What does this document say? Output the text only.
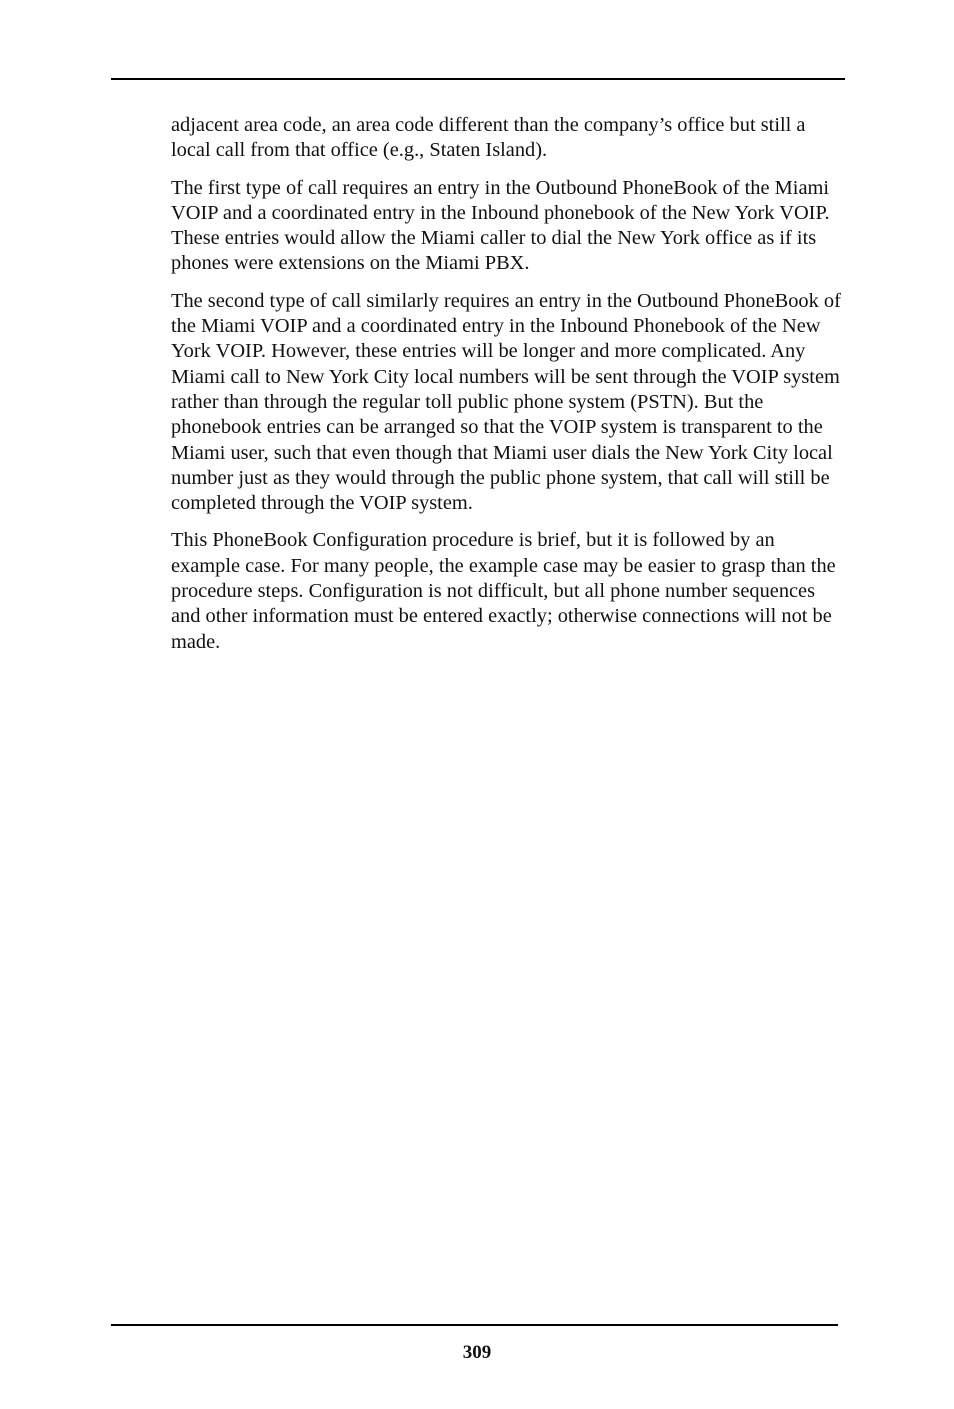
adjacent area code, an area code different than the company’s office but still a local call from that office (e.g., Staten Island).

The first type of call requires an entry in the Outbound PhoneBook of the Miami VOIP and a coordinated entry in the Inbound phonebook of the New York VOIP. These entries would allow the Miami caller to dial the New York office as if its phones were extensions on the Miami PBX.

The second type of call similarly requires an entry in the Outbound PhoneBook of the Miami VOIP and a coordinated entry in the Inbound Phonebook of the New York VOIP. However, these entries will be longer and more complicated. Any Miami call to New York City local numbers will be sent through the VOIP system rather than through the regular toll public phone system (PSTN). But the phonebook entries can be arranged so that the VOIP system is transparent to the Miami user, such that even though that Miami user dials the New York City local number just as they would through the public phone system, that call will still be completed through the VOIP system.

This PhoneBook Configuration procedure is brief, but it is followed by an example case. For many people, the example case may be easier to grasp than the procedure steps. Configuration is not difficult, but all phone number sequences and other information must be entered exactly; otherwise connections will not be made.

309
